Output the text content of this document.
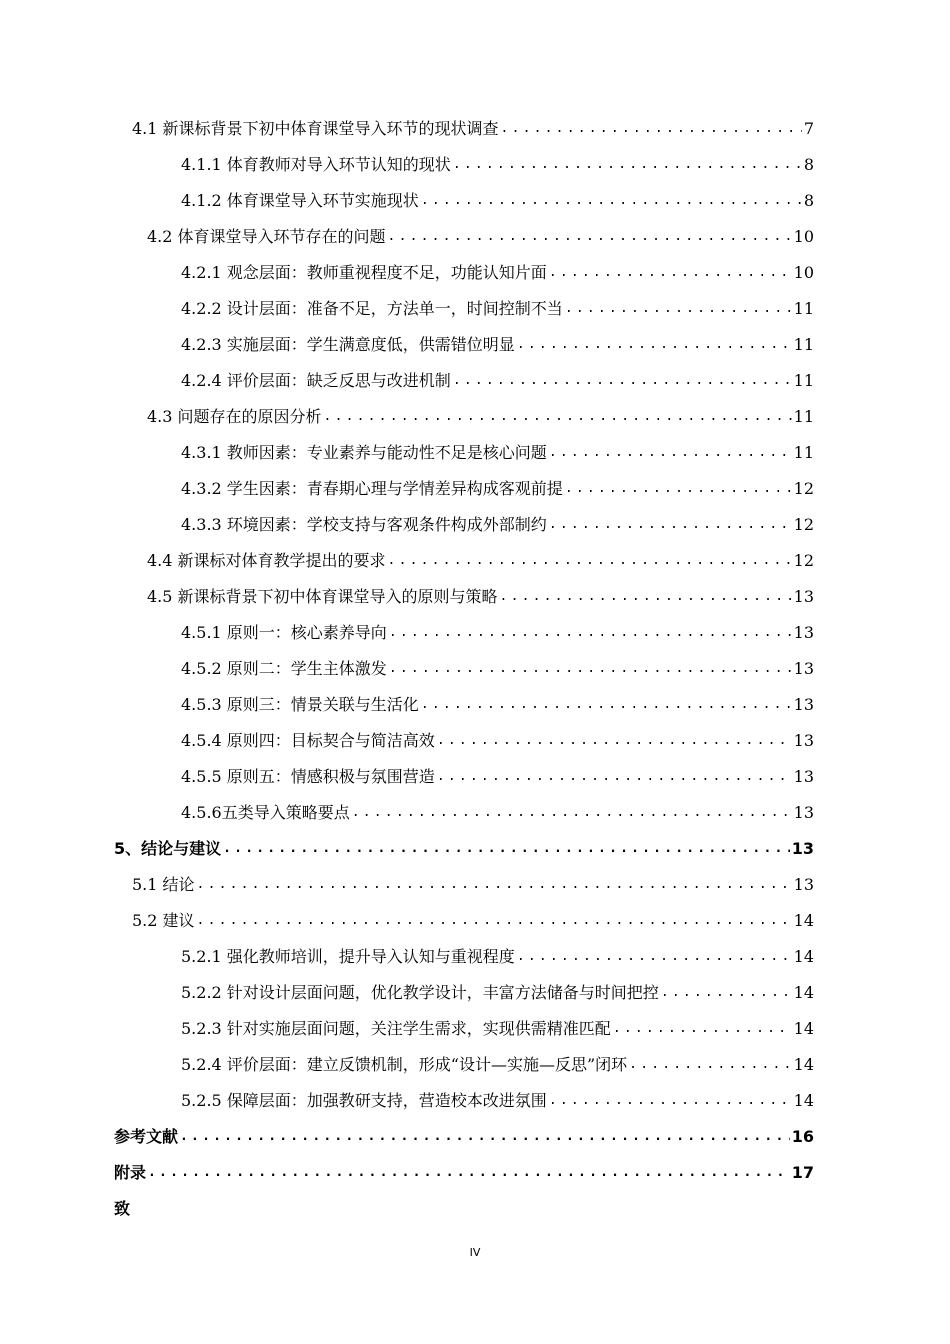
4.1 新课标背景下初中体育课堂导入环节的现状调查 .....	7
4.1.1 体育教师对导入环节认知的现状 .....	8
4.1.2 体育课堂导入环节实施现状 .....	8
4.2 体育课堂导入环节存在的问题 .....	10
4.2.1 观念层面：教师重视程度不足，功能认知片面 .....	10
4.2.2 设计层面：准备不足，方法单一，时间控制不当 .....	11
4.2.3 实施层面：学生满意度低，供需错位明显 .....	11
4.2.4 评价层面：缺乏反思与改进机制 .....	11
4.3 问题存在的原因分析 .....	11
4.3.1 教师因素：专业素养与能动性不足是核心问题 .....	11
4.3.2 学生因素：青春期心理与学情差异构成客观前提 .....	12
4.3.3 环境因素：学校支持与客观条件构成外部制约 .....	12
4.4 新课标对体育教学提出的要求 .....	12
4.5 新课标背景下初中体育课堂导入的原则与策略 .....	13
4.5.1 原则一：核心素养导向 .....	13
4.5.2 原则二：学生主体激发 .....	13
4.5.3 原则三：情景关联与生活化 .....	13
4.5.4 原则四：目标契合与简洁高效 .....	13
4.5.5 原则五：情感积极与氛围营造 .....	13
4.5.6五类导入策略要点 .....	13
5、结论与建议 .....	13
5.1 结论 .....	13
5.2 建议 .....	14
5.2.1 强化教师培训，提升导入认知与重视程度 .....	14
5.2.2 针对设计层面问题，优化教学设计，丰富方法储备与时间把控 .....	14
5.2.3 针对实施层面问题，关注学生需求，实现供需精准匹配 .....	14
5.2.4 评价层面：建立反馈机制，形成“设计—实施—反思”闭环 .....	14
5.2.5 保障层面：加强教研支持，营造校本改进氛围 .....	14
参考文献 .....	16
附录 .....	17
致
IV
